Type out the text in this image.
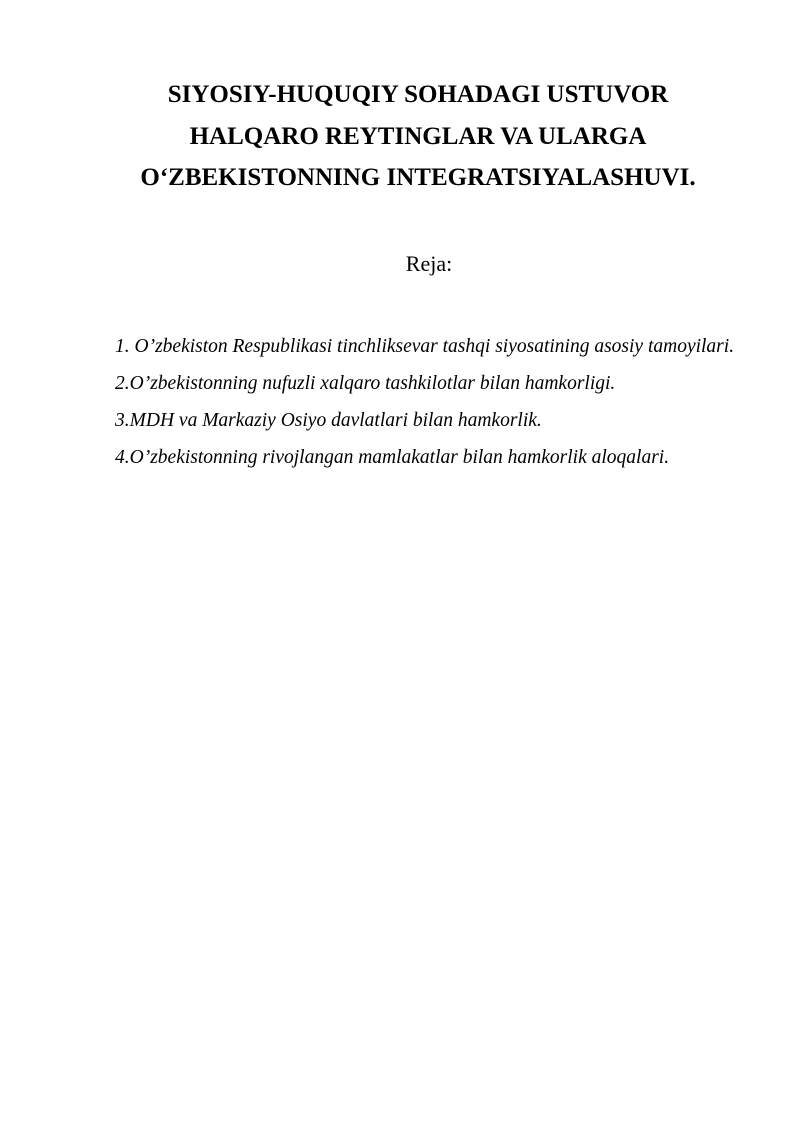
SIYOSIY-HUQUQIY SOHADAGI USTUVOR
HALQARO REYTINGLAR VA ULARGA
O‘ZBEKISTONNING INTEGRATSIYALASHUVI.

Reja:

1. O’zbekiston Respublikasi tinchliksevar tashqi siyosatining asosiy tamoyilari.
2.O’zbekistonning nufuzli xalqaro tashkilotlar bilan hamkorligi.
3.MDH va Markaziy Osiyo davlatlari bilan hamkorlik.
4.O’zbekistonning rivojlangan mamlakatlar bilan hamkorlik aloqalari.
